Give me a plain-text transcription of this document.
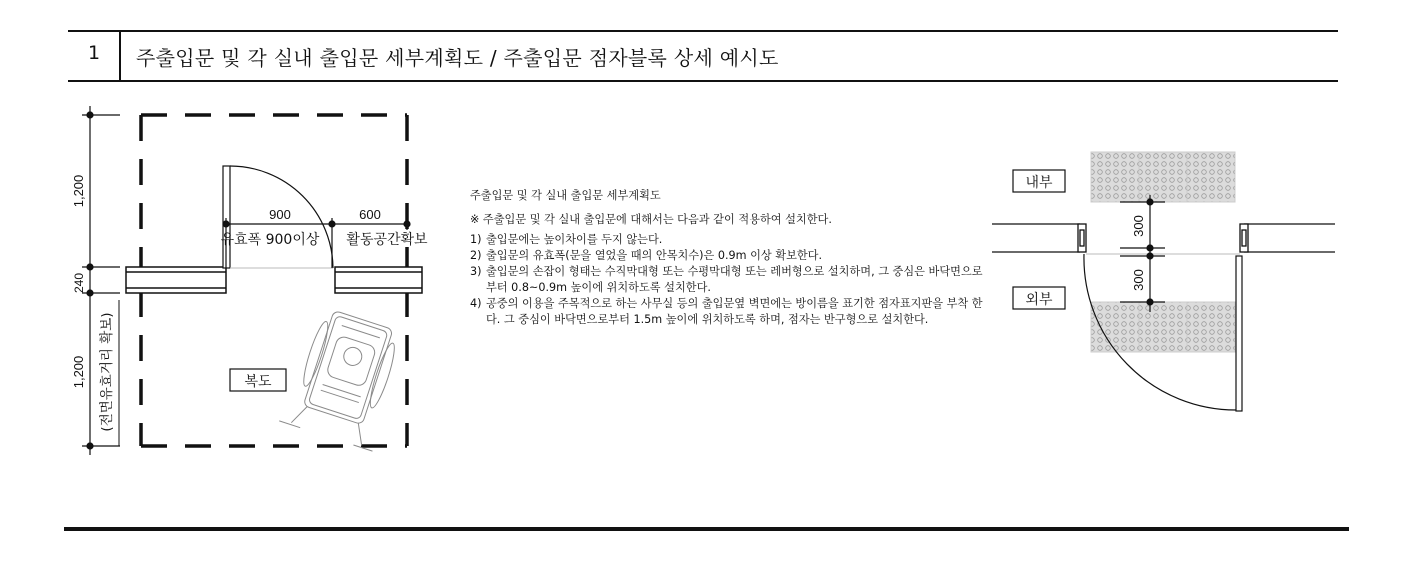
1 주출입문 및 각 실내 출입문 세부계획도 / 주출입문 점자블록 상세 예시도
1,200
240
1,200 (전면유효거리 확보)
900	600
유효폭 900이상 활동공간확보
복도
내부
외부
300
300
주출입문 및 각 실내 출입문 세부계획도
※ 주출입문 및 각 실내 출입문에 대해서는 다음과 같이 적용하여 설치한다.
1) 출입문에는 높이차이를 두지 않는다.
2) 출입문의 유효폭(문을 열었을 때의 안목치수)은 0.9m 이상 확보한다.
3) 출입문의 손잡이 형태는 수직막대형 또는 수평막대형 또는 레버형으로 설치하며, 그 중심은 바닥면으로부터 0.8~0.9m 높이에 위치하도록 설치한다.
4) 공중의 이용을 주목적으로 하는 사무실 등의 출입문옆 벽면에는 방이름을 표기한 점자표지판을 부착 한다. 그 중심이 바닥면으로부터 1.5m 높이에 위치하도록 하며, 점자는 반구형으로 설치한다.
